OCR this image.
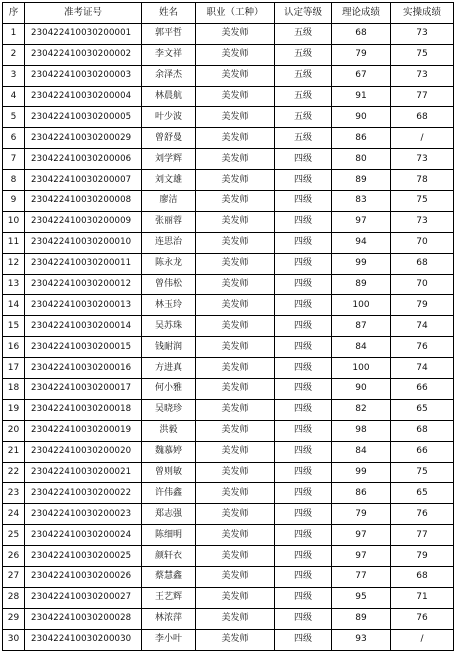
序	准考证号	姓名	职业（工种）	认定等级	理论成绩	实操成绩
1	230422410030200001	郭平哲	美发师	五级	68	73
2	230422410030200002	李文祥	美发师	五级	79	75
3	230422410030200003	余泽杰	美发师	五级	67	73
4	230422410030200004	林晨航	美发师	五级	91	77
5	230422410030200005	叶少波	美发师	五级	90	68
6	230422410030200029	曾舒曼	美发师	五级	86	/
7	230422410030200006	刘学辉	美发师	四级	80	73
8	230422410030200007	刘文雄	美发师	四级	89	78
9	230422410030200008	廖洁	美发师	四级	83	75
10	230422410030200009	张丽蓉	美发师	四级	97	73
11	230422410030200010	连思治	美发师	四级	94	70
12	230422410030200011	陈永龙	美发师	四级	99	68
13	230422410030200012	曾伟松	美发师	四级	89	70
14	230422410030200013	林玉玲	美发师	四级	100	79
15	230422410030200014	吴苏珠	美发师	四级	87	74
16	230422410030200015	钱耐润	美发师	四级	84	76
17	230422410030200016	方进真	美发师	四级	100	74
18	230422410030200017	何小雅	美发师	四级	90	66
19	230422410030200018	吴晓珍	美发师	四级	82	65
20	230422410030200019	洪毅	美发师	四级	98	68
21	230422410030200020	魏慕婷	美发师	四级	84	66
22	230422410030200021	曾则敏	美发师	四级	99	75
23	230422410030200022	许伟鑫	美发师	四级	86	65
24	230422410030200023	郑志强	美发师	四级	79	76
25	230422410030200024	陈细明	美发师	四级	97	77
26	230422410030200025	颜轩衣	美发师	四级	97	79
27	230422410030200026	蔡慧鑫	美发师	四级	77	68
28	230422410030200027	王艺辉	美发师	四级	95	71
29	230422410030200028	林浓萍	美发师	四级	89	76
30	230422410030200030	李小叶	美发师	四级	93	/
